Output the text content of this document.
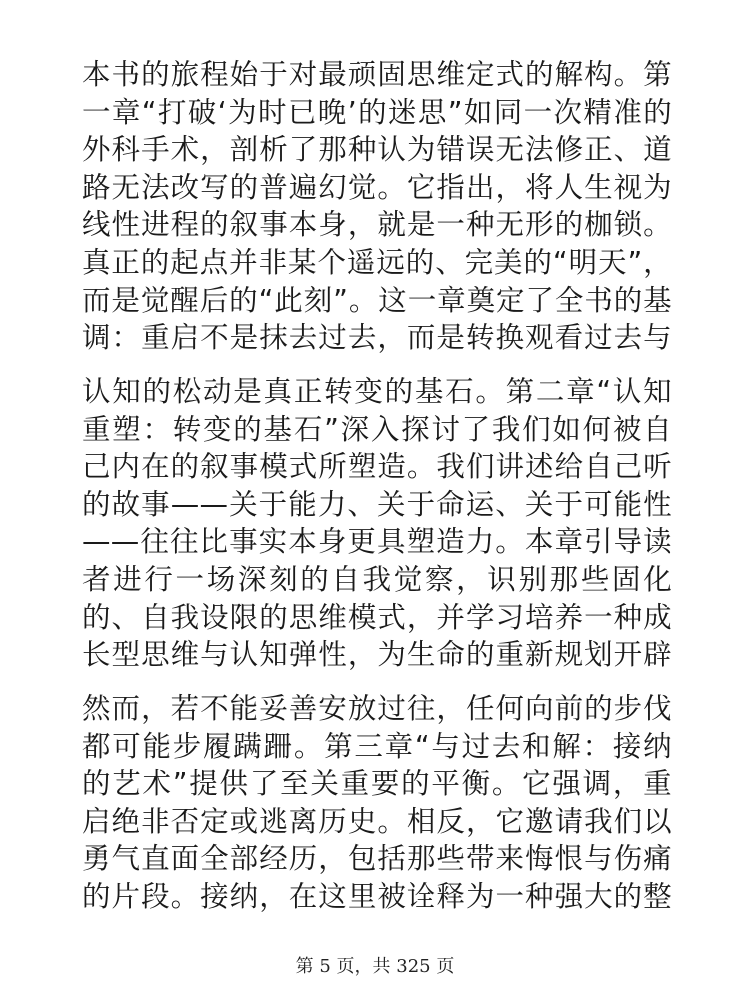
本书的旅程始于对最顽固思维定式的解构。第一章“打破‘为时已晚’的迷思”如同一次精准的外科手术，剖析了那种认为错误无法修正、道路无法改写的普遍幻觉。它指出，将人生视为线性进程的叙事本身，就是一种无形的枷锁。真正的起点并非某个遥远的、完美的“明天”，而是觉醒后的“此刻”。这一章奠定了全书的基调：重启不是抹去过去，而是转换观看过去与

认知的松动是真正转变的基石。第二章“认知重塑：转变的基石”深入探讨了我们如何被自己内在的叙事模式所塑造。我们讲述给自己听的故事——关于能力、关于命运、关于可能性——往往比事实本身更具塑造力。本章引导读者进行一场深刻的自我觉察，识别那些固化的、自我设限的思维模式，并学习培养一种成长型思维与认知弹性，为生命的重新规划开辟

然而，若不能妥善安放过往，任何向前的步伐都可能步履蹒跚。第三章“与过去和解：接纳的艺术”提供了至关重要的平衡。它强调，重启绝非否定或逃离历史。相反，它邀请我们以勇气直面全部经历，包括那些带来悔恨与伤痛的片段。接纳，在这里被诠释为一种强大的整

第 5 页，共 325 页
